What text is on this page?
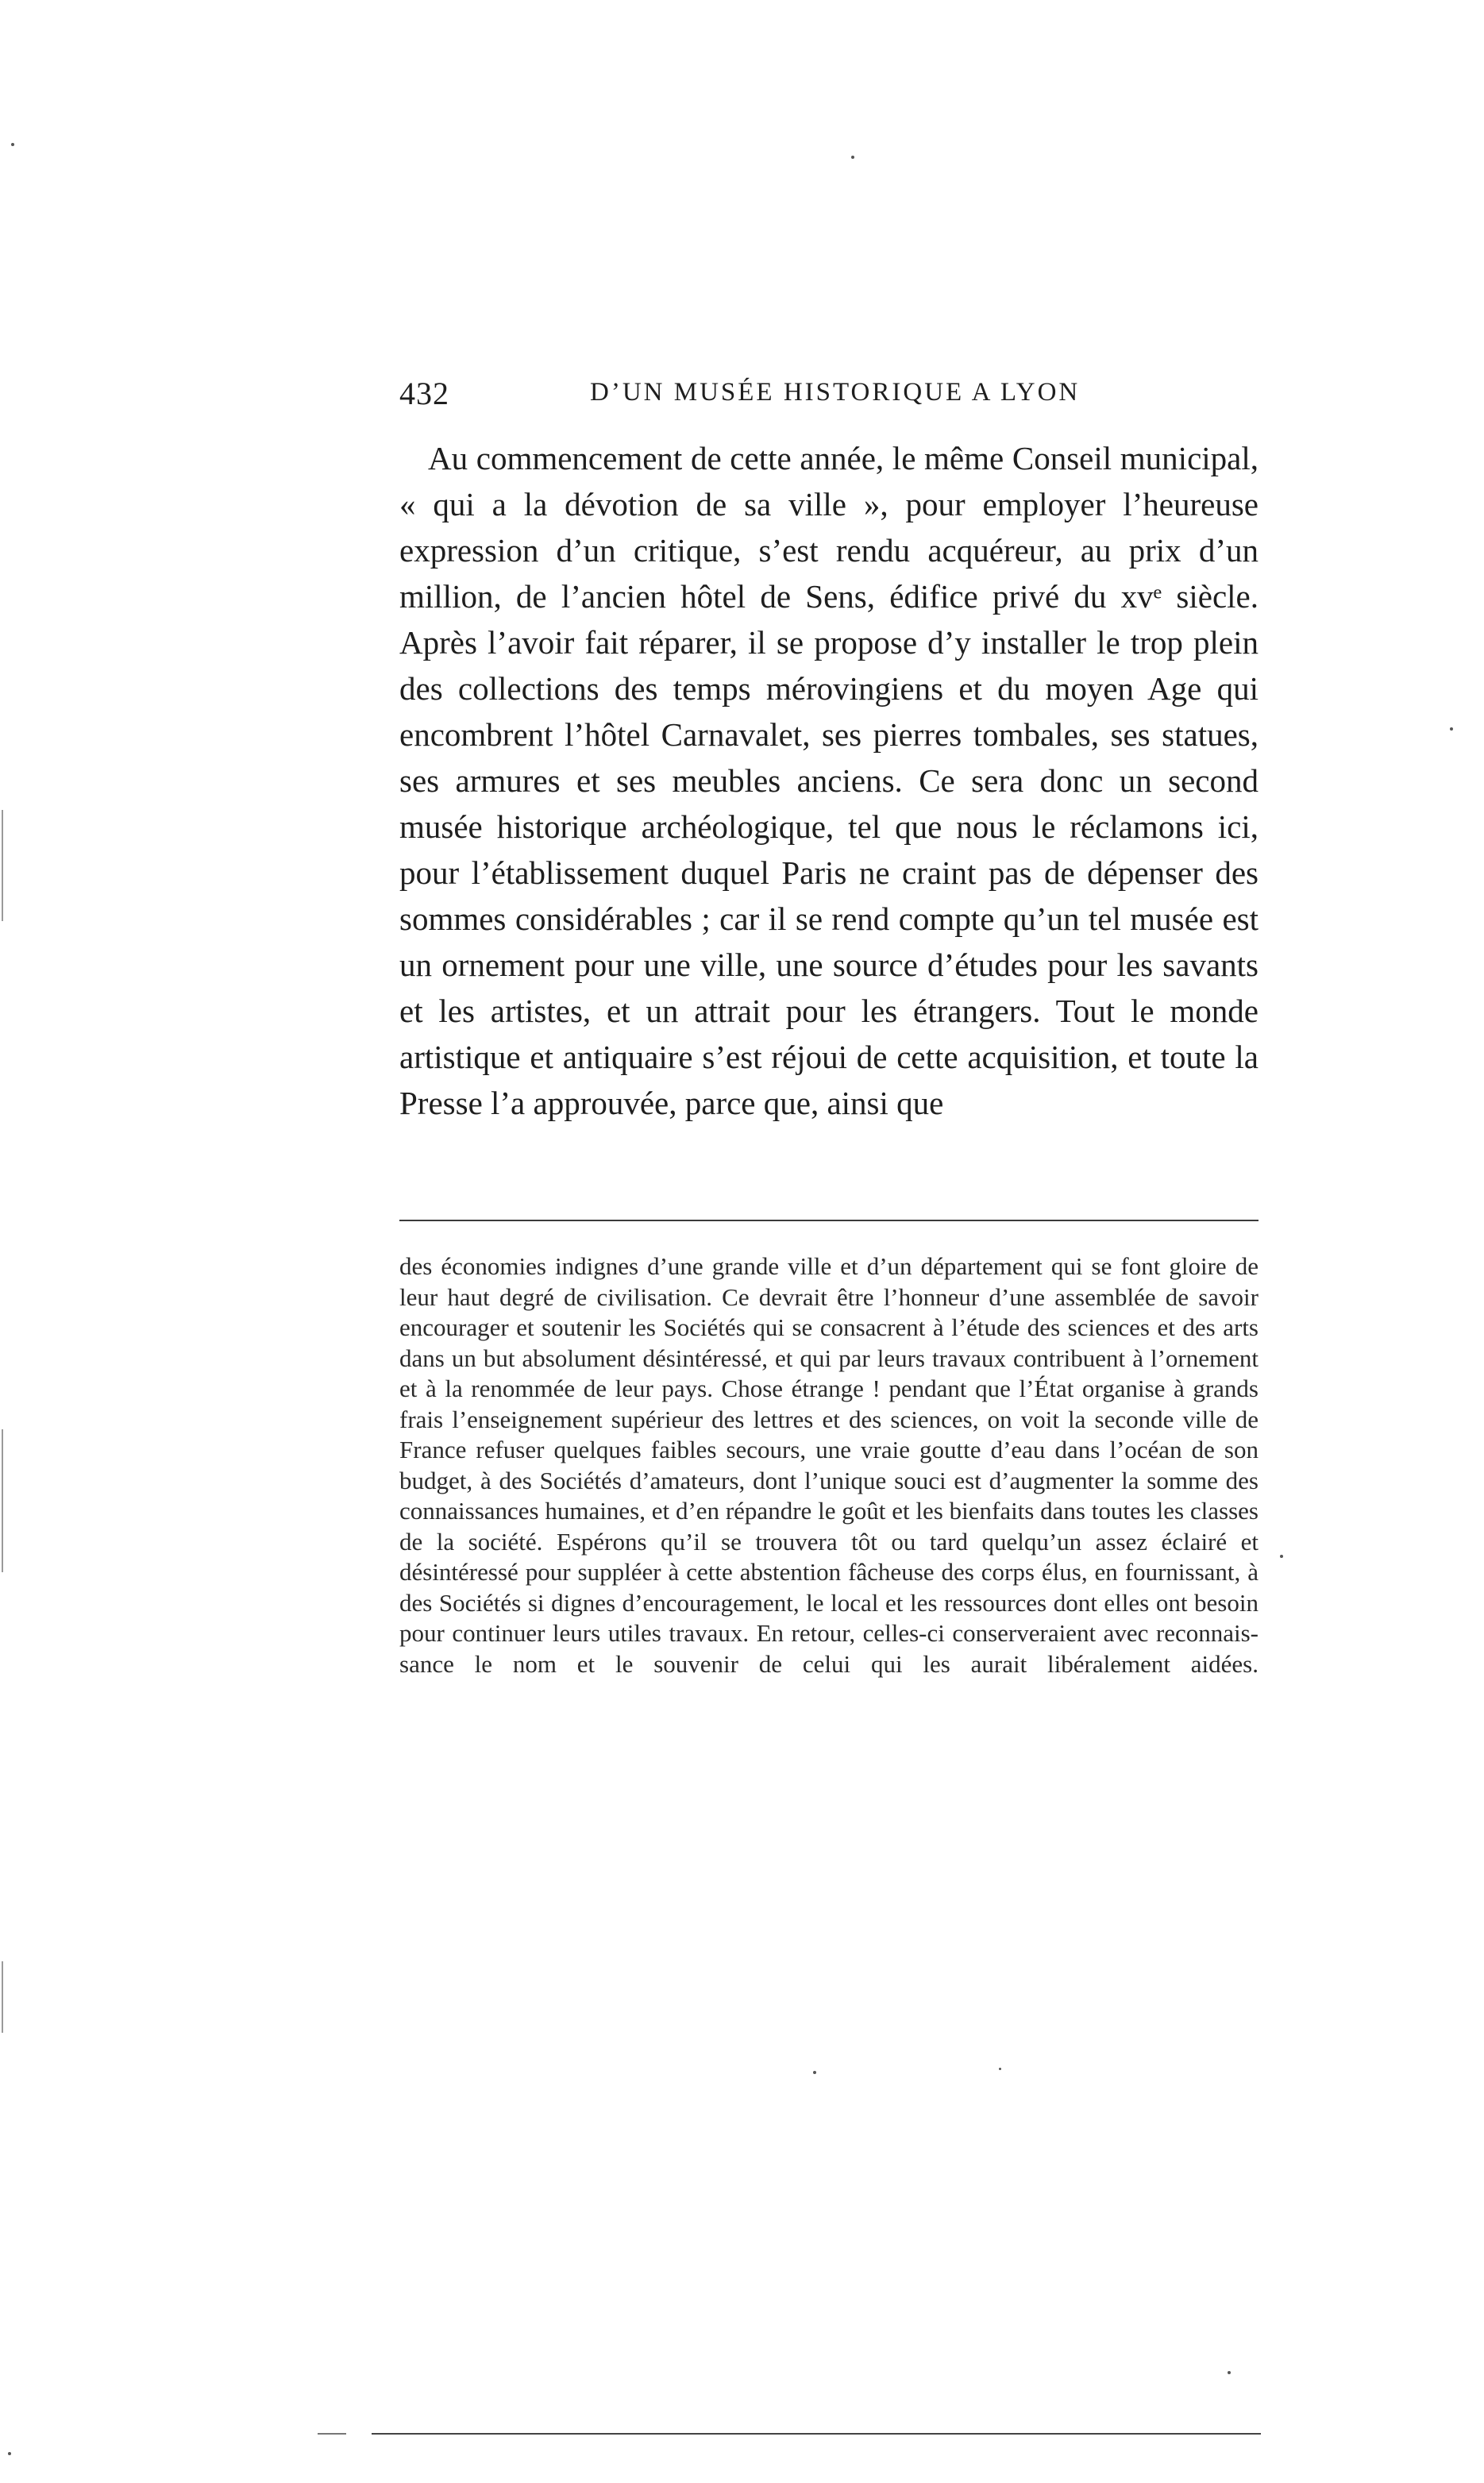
432	D’UN MUSÉE HISTORIQUE A LYON

Au commencement de cette année, le même Conseil municipal, « qui a la dévotion de sa ville », pour employer l’heureuse expression d’un critique, s’est rendu acquéreur, au prix d’un million, de l’ancien hôtel de Sens, édifice privé du xvᵉ siècle. Après l’avoir fait réparer, il se propose d’y installer le trop plein des collections des temps mérovingiens et du moyen Age qui encombrent l’hôtel Carnavalet, ses pierres tombales, ses statues, ses armures et ses meubles anciens. Ce sera donc un second musée historique archéologique, tel que nous le réclamons ici, pour l’établissement duquel Paris ne craint pas de dépenser des sommes considérables ; car il se rend compte qu’un tel musée est un ornement pour une ville, une source d’études pour les savants et les artistes, et un attrait pour les étrangers. Tout le monde artistique et antiquaire s’est réjoui de cette acquisition, et toute la Presse l’a approuvée, parce que, ainsi que

des économies indignes d’une grande ville et d’un département qui se font gloire de leur haut degré de civilisation. Ce devrait être l’honneur d’une assemblée de savoir encourager et soutenir les Sociétés qui se consacrent à l’étude des sciences et des arts dans un but absolument désintéressé, et qui par leurs travaux contribuent à l’ornement et à la renommée de leur pays. Chose étrange ! pendant que l’État organise à grands frais l’enseignement supérieur des lettres et des sciences, on voit la seconde ville de France refuser quelques faibles secours, une vraie goutte d’eau dans l’océan de son budget, à des Sociétés d’amateurs, dont l’unique souci est d’augmenter la somme des connaissances humaines, et d’en répandre le goût et les bienfaits dans toutes les classes de la société. Espérons qu’il se trouvera tôt ou tard quelqu’un assez éclairé et désintéressé pour suppléer à cette abstention fâcheuse des corps élus, en fournissant, à des Sociétés si dignes d’encouragement, le local et les ressources dont elles ont besoin pour continuer leurs utiles travaux. En retour, celles-ci conserveraient avec reconnaissance le nom et le souvenir de celui qui les aurait libéralement aidées.
